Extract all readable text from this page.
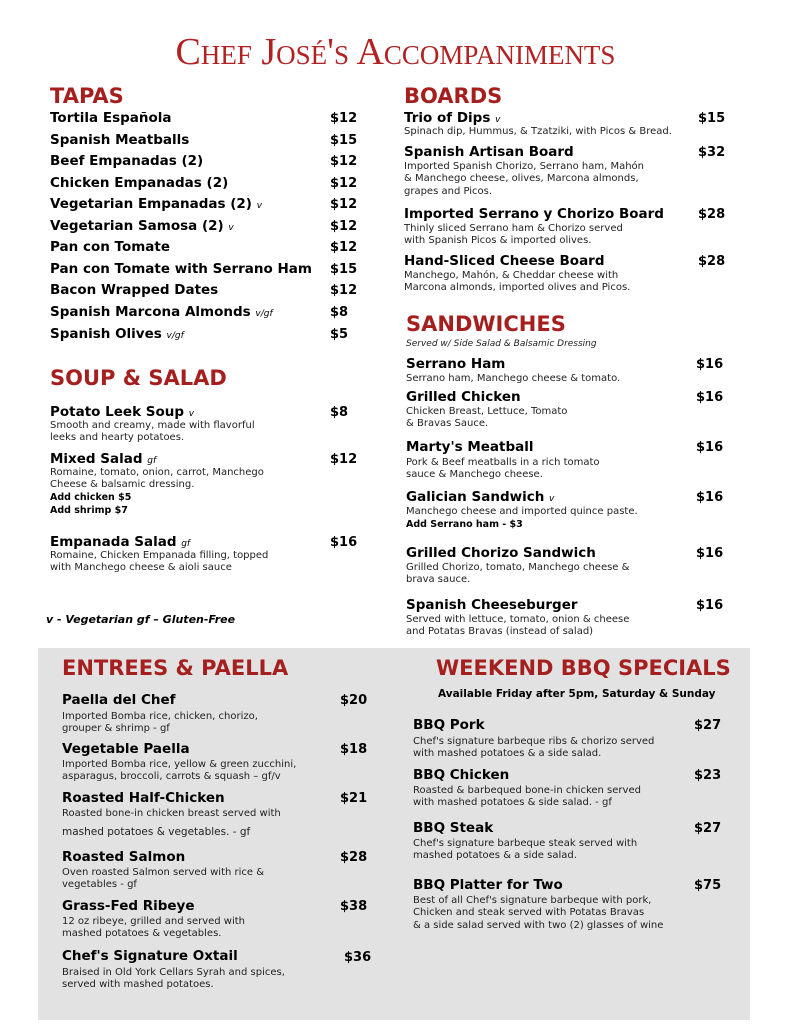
Chef José's Accompaniments
TAPAS
Tortila Española	$12
Spanish Meatballs	$15
Beef Empanadas (2)	$12
Chicken Empanadas (2)	$12
Vegetarian Empanadas (2) v	$12
Vegetarian Samosa (2) v	$12
Pan con Tomate	$12
Pan con Tomate with Serrano Ham $15
Bacon Wrapped Dates	$12
Spanish Marcona Almonds v/gf	$8
Spanish Olives v/gf	$5
SOUP & SALAD
Potato Leek Soup v	$8
Smooth and creamy, made with flavorful
leeks and hearty potatoes.
Mixed Salad gf	$12
Romaine, tomato, onion, carrot, Manchego
Cheese & balsamic dressing.
Add chicken $5
Add shrimp $7
Empanada Salad gf	$16
Romaine, Chicken Empanada filling, topped
with Manchego cheese & aioli sauce
v - Vegetarian gf – Gluten-Free
BOARDS
Trio of Dips v	$15
Spinach dip, Hummus, & Tzatziki, with Picos & Bread.
Spanish Artisan Board	$32
Imported Spanish Chorizo, Serrano ham, Mahón
& Manchego cheese, olives, Marcona almonds,
grapes and Picos.
Imported Serrano y Chorizo Board	$28
Thinly sliced Serrano ham & Chorizo served
with Spanish Picos & imported olives.
Hand-Sliced Cheese Board	$28
Manchego, Mahón, & Cheddar cheese with
Marcona almonds, imported olives and Picos.
SANDWICHES
Served w/ Side Salad & Balsamic Dressing
Serrano Ham	$16
Serrano ham, Manchego cheese & tomato.
Grilled Chicken	$16
Chicken Breast, Lettuce, Tomato
& Bravas Sauce.
Marty's Meatball	$16
Pork & Beef meatballs in a rich tomato
sauce & Manchego cheese.
Galician Sandwich v	$16
Manchego cheese and imported quince paste.
Add Serrano ham - $3
Grilled Chorizo Sandwich	$16
Grilled Chorizo, tomato, Manchego cheese &
brava sauce.
Spanish Cheeseburger	$16
Served with lettuce, tomato, onion & cheese
and Potatas Bravas (instead of salad)
ENTREES & PAELLA
Paella del Chef	$20
Imported Bomba rice, chicken, chorizo,
grouper & shrimp - gf
Vegetable Paella	$18
Imported Bomba rice, yellow & green zucchini,
asparagus, broccoli, carrots & squash – gf/v
Roasted Half-Chicken	$21
Roasted bone-in chicken breast served with
mashed potatoes & vegetables. - gf
Roasted Salmon	$28
Oven roasted Salmon served with rice &
vegetables - gf
Grass-Fed Ribeye	$38
12 oz ribeye, grilled and served with
mashed potatoes & vegetables.
Chef's Signature Oxtail	$36
Braised in Old York Cellars Syrah and spices,
served with mashed potatoes.
WEEKEND BBQ SPECIALS
Available Friday after 5pm, Saturday & Sunday
BBQ Pork	$27
Chef's signature barbeque ribs & chorizo served
with mashed potatoes & a side salad.
BBQ Chicken	$23
Roasted & barbequed bone-in chicken served
with mashed potatoes & side salad. - gf
BBQ Steak	$27
Chef's signature barbeque steak served with
mashed potatoes & a side salad.
BBQ Platter for Two	$75
Best of all Chef's signature barbeque with pork,
Chicken and steak served with Potatas Bravas
& a side salad served with two (2) glasses of wine
